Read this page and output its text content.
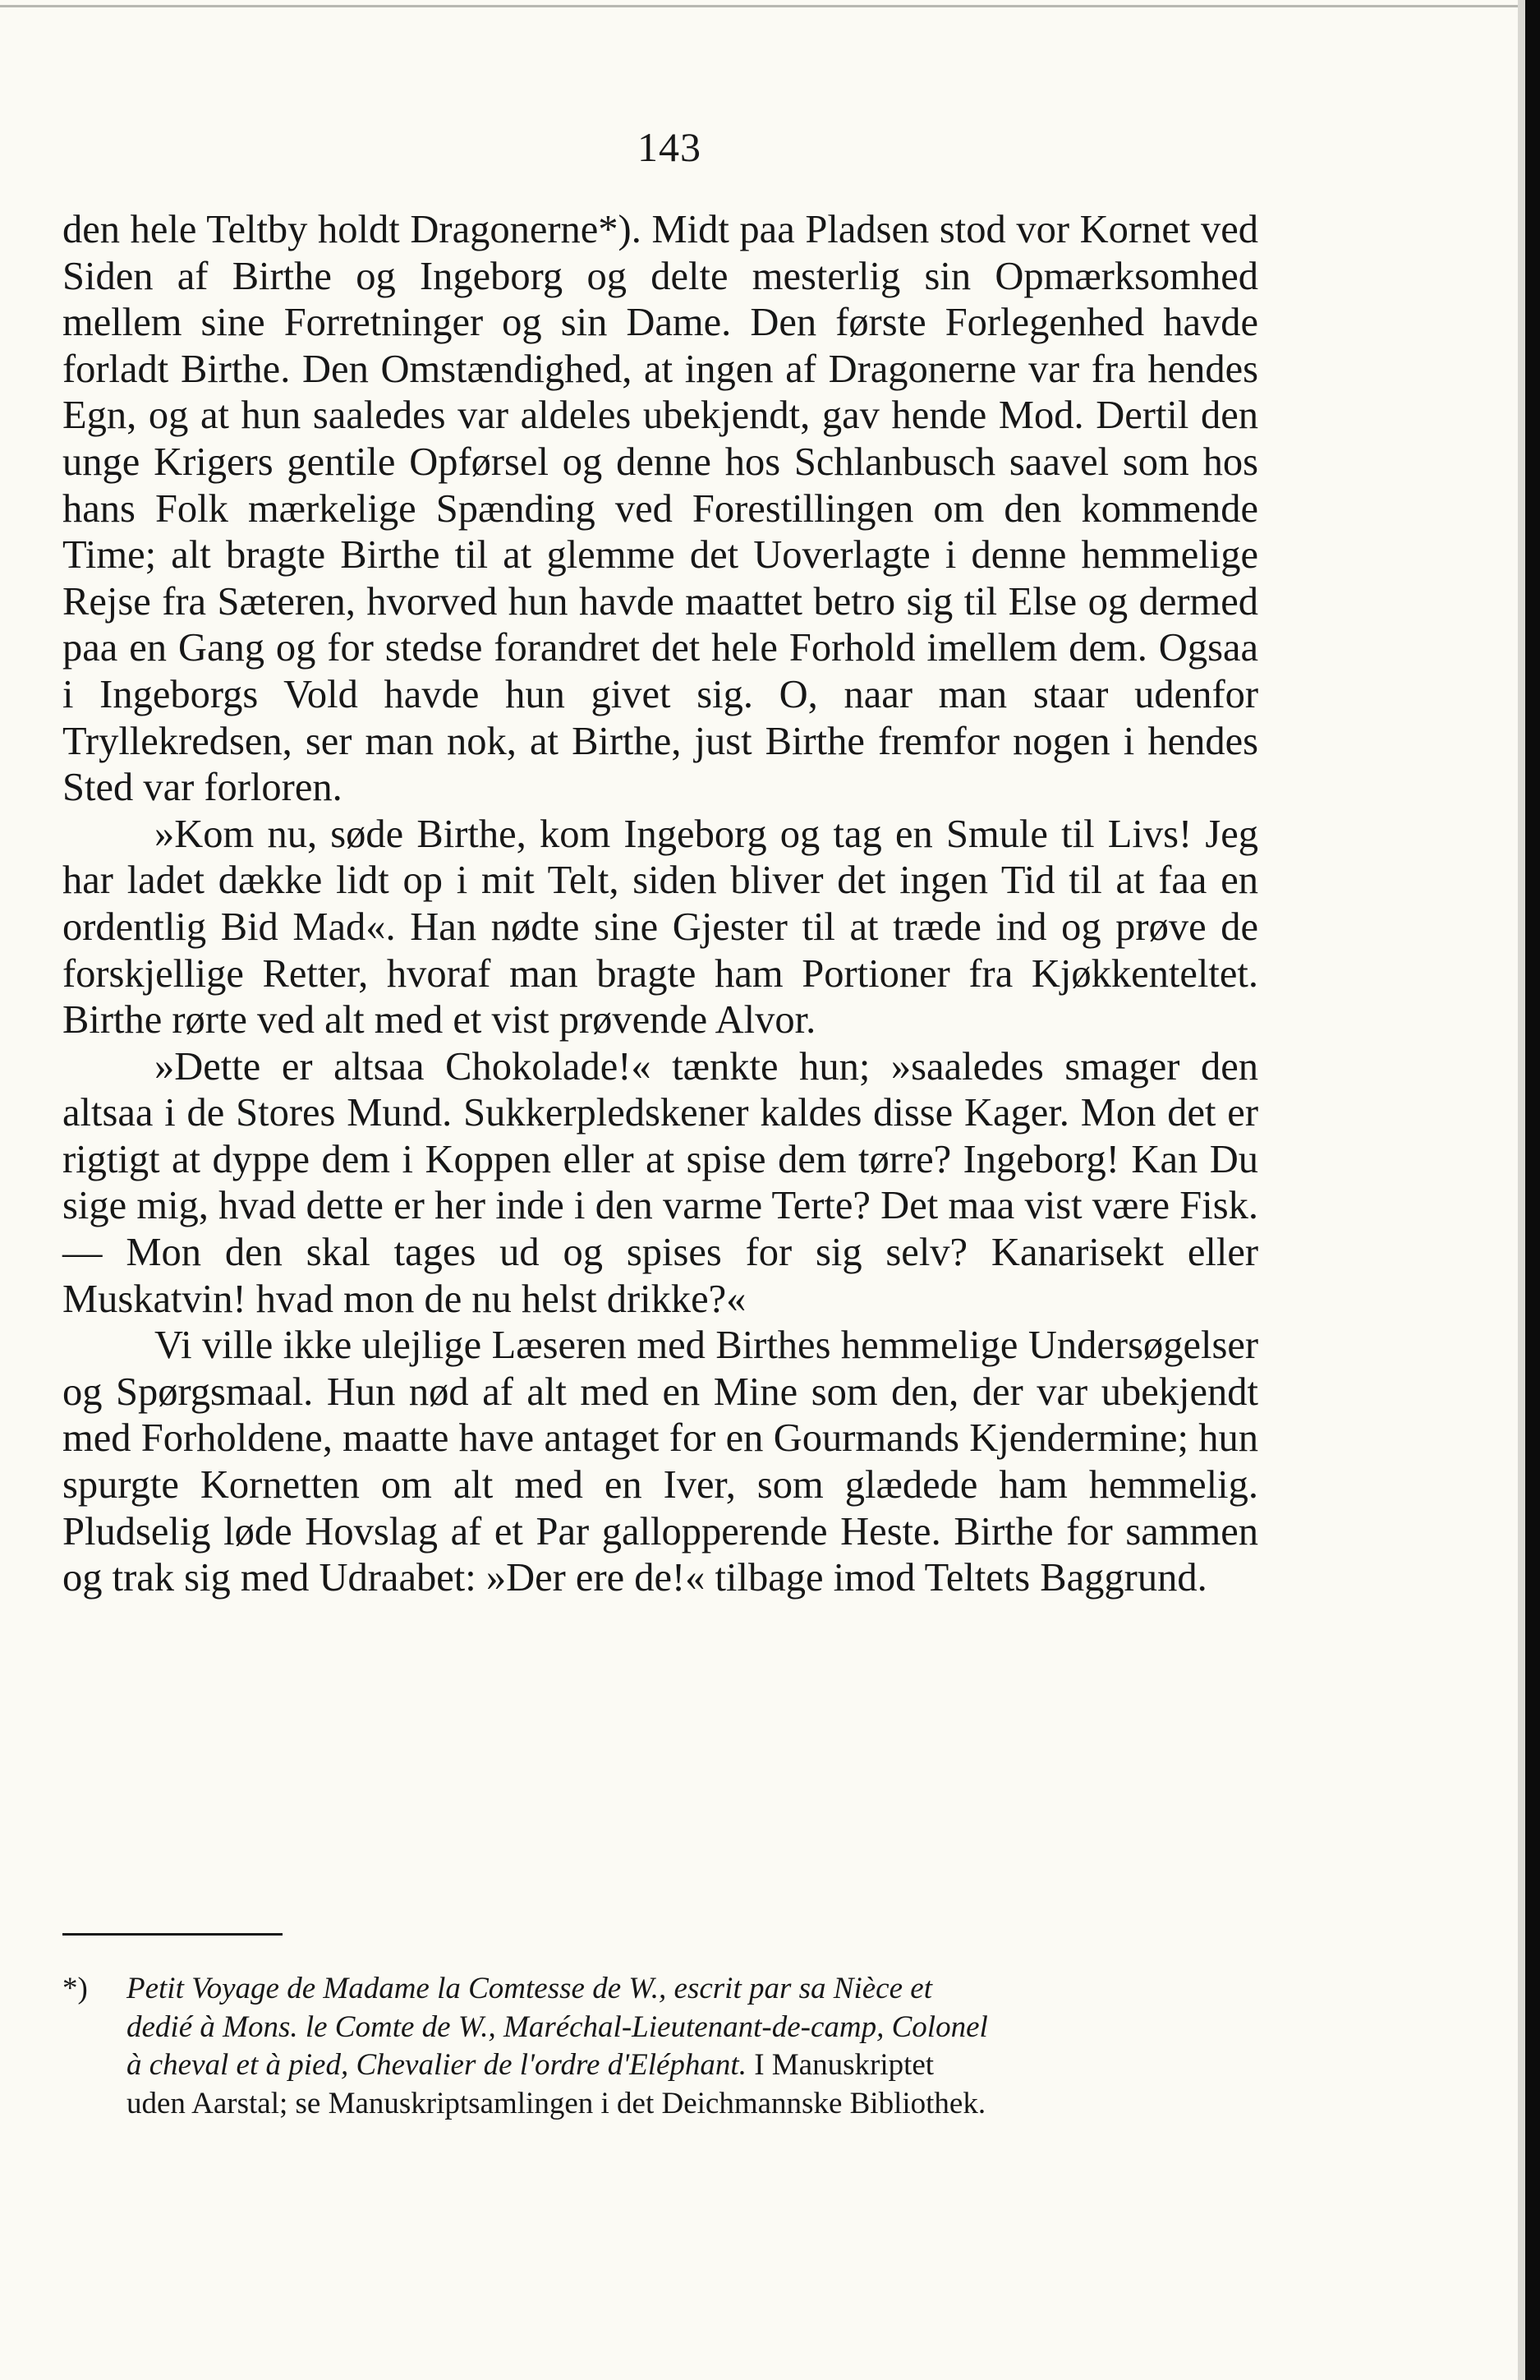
143

den hele Teltby holdt Dragonerne*). Midt paa Pladsen stod vor Kornet ved Siden af Birthe og Ingeborg og delte mesterlig sin Opmærksomhed mellem sine Forretninger og sin Dame. Den første Forlegenhed havde forladt Birthe. Den Omstændighed, at ingen af Dragonerne var fra hendes Egn, og at hun saaledes var aldeles ubekjendt, gav hende Mod. Dertil den unge Krigers gentile Opførsel og denne hos Schlanbusch saavel som hos hans Folk mærkelige Spænding ved Forestillingen om den kommende Time; alt bragte Birthe til at glemme det Uoverlagte i denne hemmelige Rejse fra Sæteren, hvorved hun havde maattet betro sig til Else og dermed paa en Gang og for stedse forandret det hele Forhold imellem dem. Ogsaa i Ingeborgs Vold havde hun givet sig. O, naar man staar udenfor Tryllekredsen, ser man nok, at Birthe, just Birthe fremfor nogen i hendes Sted var forloren.

»Kom nu, søde Birthe, kom Ingeborg og tag en Smule til Livs! Jeg har ladet dække lidt op i mit Telt, siden bliver det ingen Tid til at faa en ordentlig Bid Mad«. Han nødte sine Gjester til at træde ind og prøve de forskjellige Retter, hvoraf man bragte ham Portioner fra Kjøkkenteltet. Birthe rørte ved alt med et vist prøvende Alvor.

»Dette er altsaa Chokolade!« tænkte hun; »saaledes smager den altsaa i de Stores Mund. Sukkerpledskener kaldes disse Kager. Mon det er rigtigt at dyppe dem i Koppen eller at spise dem tørre? Ingeborg! Kan Du sige mig, hvad dette er her inde i den varme Terte? Det maa vist være Fisk. — Mon den skal tages ud og spises for sig selv? Kanarisekt eller Muskatvin! hvad mon de nu helst drikke?«

Vi ville ikke ulejlige Læseren med Birthes hemmelige Undersøgelser og Spørgsmaal. Hun nød af alt med en Mine som den, der var ubekjendt med Forholdene, maatte have antaget for en Gourmands Kjendermine; hun spurgte Kornetten om alt med en Iver, som glædede ham hemmelig. Pludselig løde Hovslag af et Par gallopperende Heste. Birthe for sammen og trak sig med Udraabet: »Der ere de!« tilbage imod Teltets Baggrund.

*) Petit Voyage de Madame la Comtesse de W., escrit par sa Nièce et
dedié à Mons. le Comte de W., Maréchal-Lieutenant-de-camp, Colonel
à cheval et à pied, Chevalier de l'ordre d'Eléphant. I Manuskriptet
uden Aarstal; se Manuskriptsamlingen i det Deichmannske Bibliothek.
